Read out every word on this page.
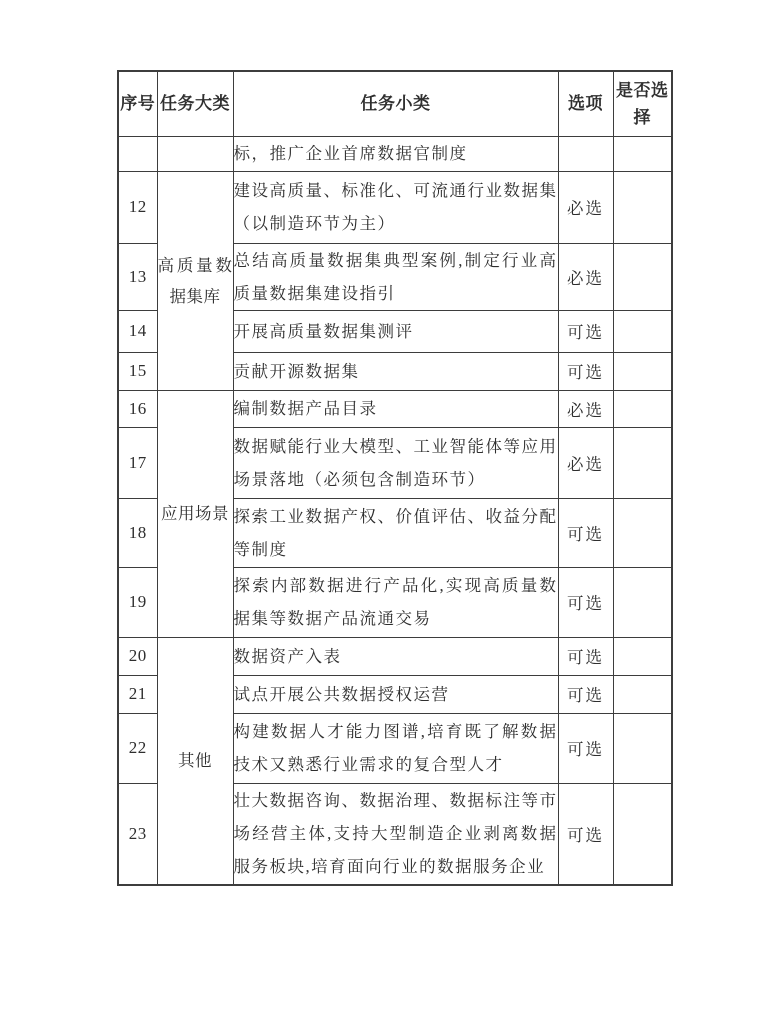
序号	任务大类	任务小类	选项	是否选择
		标，推广企业首席数据官制度		
12	高质量数据集库	建设高质量、标准化、可流通行业数据集（以制造环节为主）	必选	
13		总结高质量数据集典型案例,制定行业高质量数据集建设指引	必选	
14		开展高质量数据集测评	可选	
15		贡献开源数据集	可选	
16	应用场景	编制数据产品目录	必选	
17		数据赋能行业大模型、工业智能体等应用场景落地（必须包含制造环节）	必选	
18		探索工业数据产权、价值评估、收益分配等制度	可选	
19		探索内部数据进行产品化,实现高质量数据集等数据产品流通交易	可选	
20	其他	数据资产入表	可选	
21		试点开展公共数据授权运营	可选	
22		构建数据人才能力图谱,培育既了解数据技术又熟悉行业需求的复合型人才	可选	
23		壮大数据咨询、数据治理、数据标注等市场经营主体,支持大型制造企业剥离数据服务板块,培育面向行业的数据服务企业	可选	
